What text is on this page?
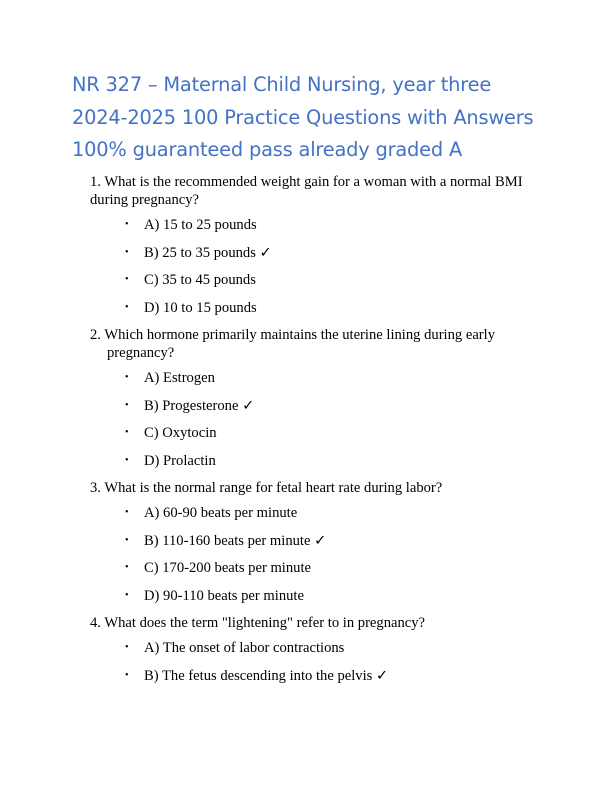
NR 327 – Maternal Child Nursing, year three 2024-2025 100 Practice Questions with Answers 100% guaranteed pass already graded A
1. What is the recommended weight gain for a woman with a normal BMI during pregnancy?
• A) 15 to 25 pounds
• B) 25 to 35 pounds ✓
• C) 35 to 45 pounds
• D) 10 to 15 pounds
2. Which hormone primarily maintains the uterine lining during early pregnancy?
• A) Estrogen
• B) Progesterone ✓
• C) Oxytocin
• D) Prolactin
3. What is the normal range for fetal heart rate during labor?
• A) 60-90 beats per minute
• B) 110-160 beats per minute ✓
• C) 170-200 beats per minute
• D) 90-110 beats per minute
4. What does the term "lightening" refer to in pregnancy?
• A) The onset of labor contractions
• B) The fetus descending into the pelvis ✓
